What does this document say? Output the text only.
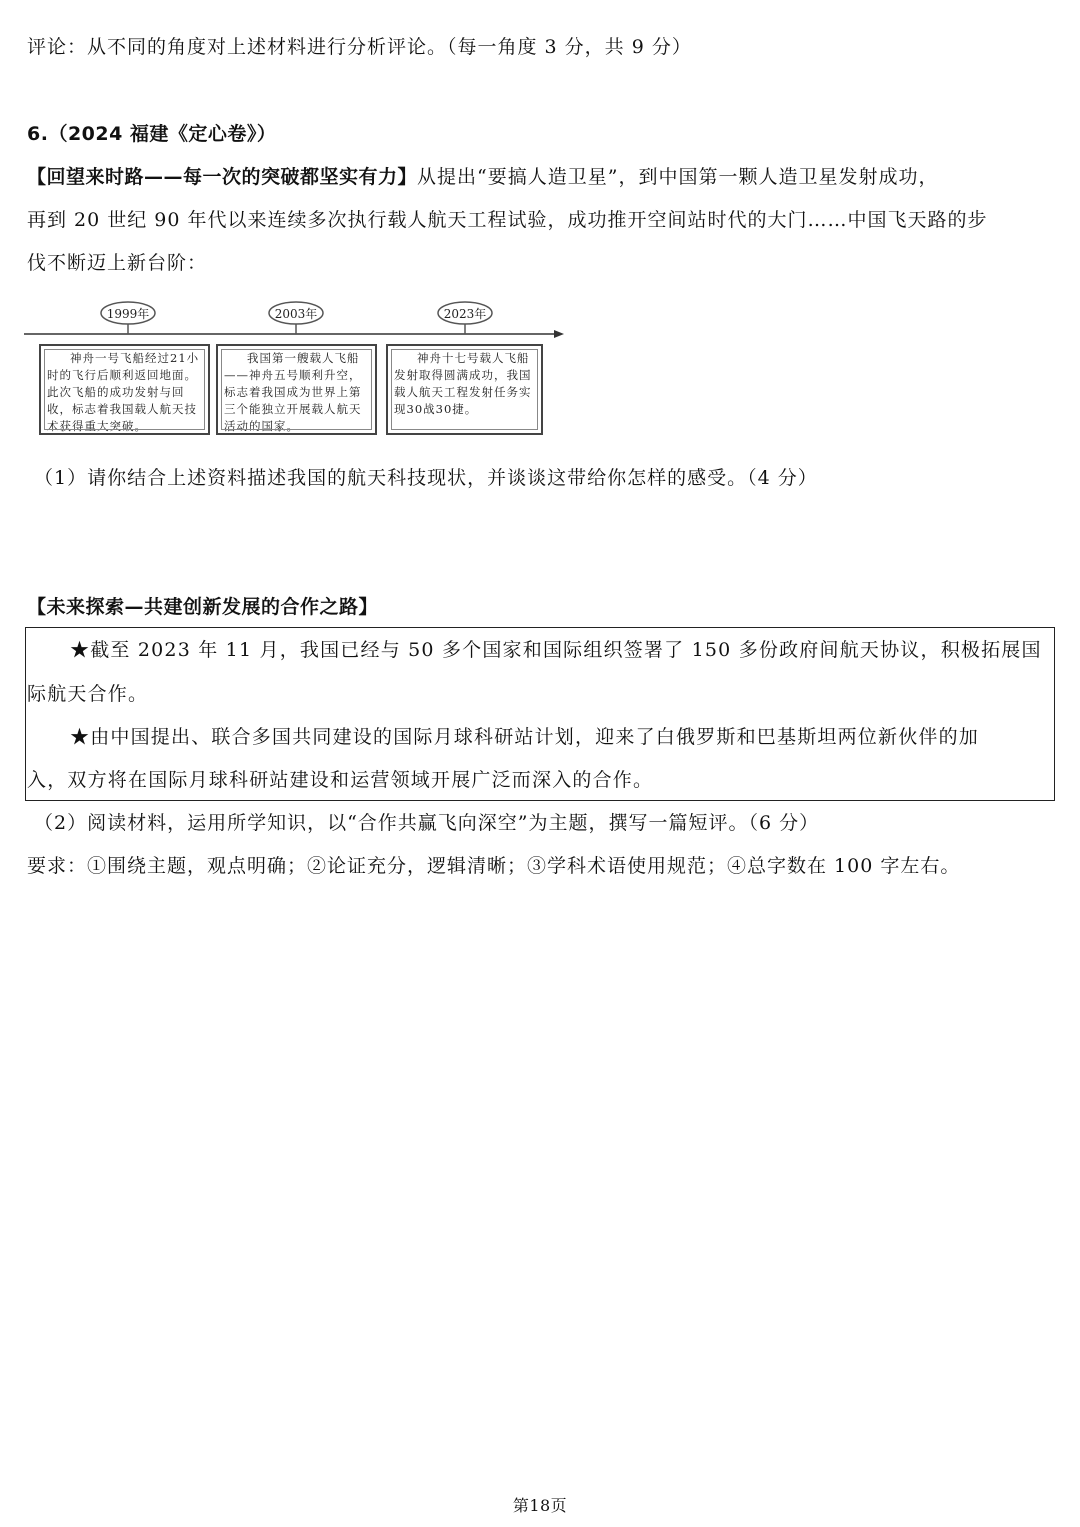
评论：从不同的角度对上述材料进行分析评论。（每一角度 3 分，共 9 分）
6.（2024 福建《定心卷》）
【回望来时路——每一次的突破都坚实有力】从提出“要搞人造卫星”，到中国第一颗人造卫星发射成功，
再到 20 世纪 90 年代以来连续多次执行载人航天工程试验，成功推开空间站时代的大门……中国飞天路的步
伐不断迈上新台阶：
1999年	2003年	2023年
神舟一号飞船经过21小时的飞行后顺利返回地面。此次飞船的成功发射与回收，标志着我国载人航天技术获得重大突破。
我国第一艘载人飞船——神舟五号顺利升空，标志着我国成为世界上第三个能独立开展载人航天活动的国家。
神舟十七号载人飞船发射取得圆满成功，我国载人航天工程发射任务实现30战30捷。
（1）请你结合上述资料描述我国的航天科技现状，并谈谈这带给你怎样的感受。（4 分）
【未来探索—共建创新发展的合作之路】
★截至 2023 年 11 月，我国已经与 50 多个国家和国际组织签署了 150 多份政府间航天协议，积极拓展国
际航天合作。
★由中国提出、联合多国共同建设的国际月球科研站计划，迎来了白俄罗斯和巴基斯坦两位新伙伴的加
入，双方将在国际月球科研站建设和运营领域开展广泛而深入的合作。
（2）阅读材料，运用所学知识，以“合作共赢飞向深空”为主题，撰写一篇短评。（6 分）
要求：①围绕主题，观点明确；②论证充分，逻辑清晰；③学科术语使用规范；④总字数在 100 字左右。
第18页
